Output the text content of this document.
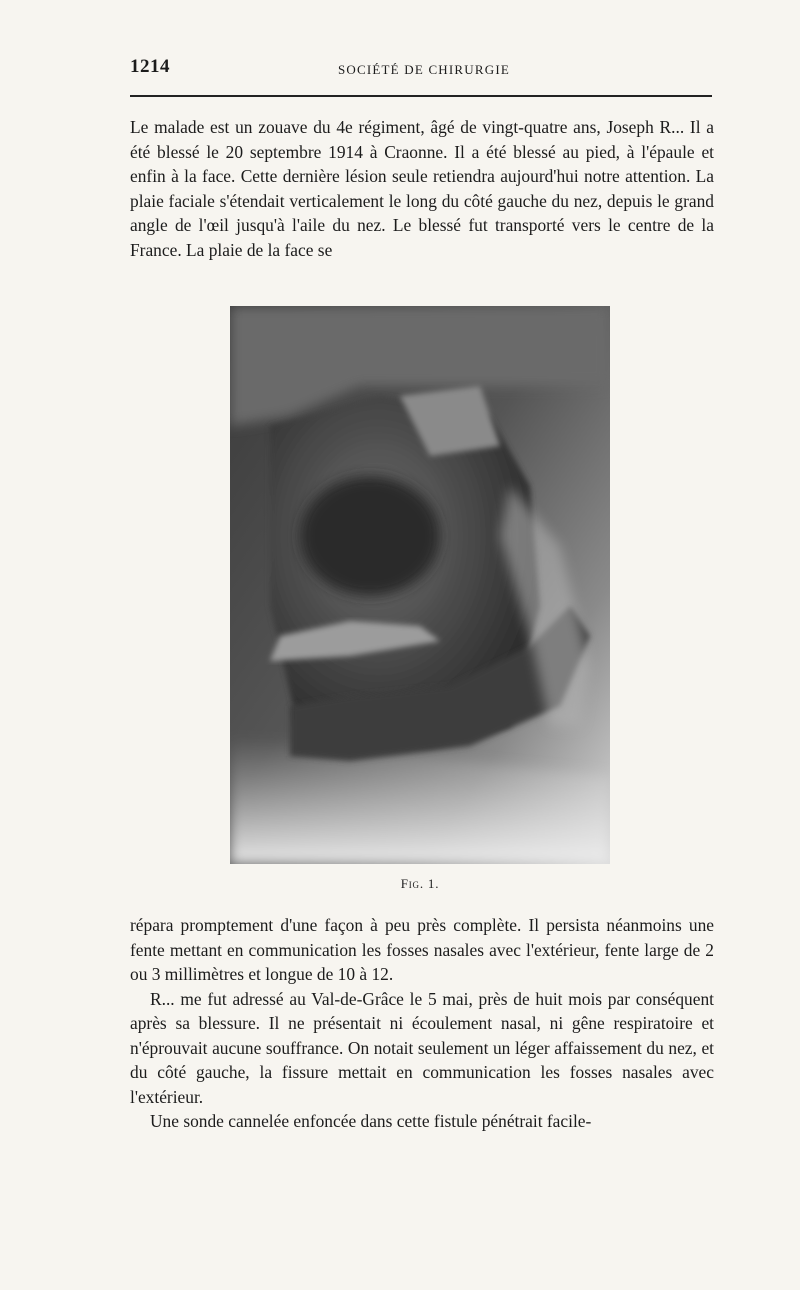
1214	SOCIÉTÉ DE CHIRURGIE

Le malade est un zouave du 4e régiment, âgé de vingt-quatre ans, Joseph R... Il a été blessé le 20 septembre 1914 à Craonne. Il a été blessé au pied, à l'épaule et enfin à la face. Cette dernière lésion seule retiendra aujourd'hui notre attention. La plaie faciale s'étendait verticalement le long du côté gauche du nez, depuis le grand angle de l'œil jusqu'à l'aile du nez. Le blessé fut transporté vers le centre de la France. La plaie de la face se

Fig. 1.

répara promptement d'une façon à peu près complète. Il persista néanmoins une fente mettant en communication les fosses nasales avec l'extérieur, fente large de 2 ou 3 millimètres et longue de 10 à 12.

R... me fut adressé au Val-de-Grâce le 5 mai, près de huit mois par conséquent après sa blessure. Il ne présentait ni écoulement nasal, ni gêne respiratoire et n'éprouvait aucune souffrance. On notait seulement un léger affaissement du nez, et du côté gauche, la fissure mettait en communication les fosses nasales avec l'extérieur.

Une sonde cannelée enfoncée dans cette fistule pénétrait facile-
